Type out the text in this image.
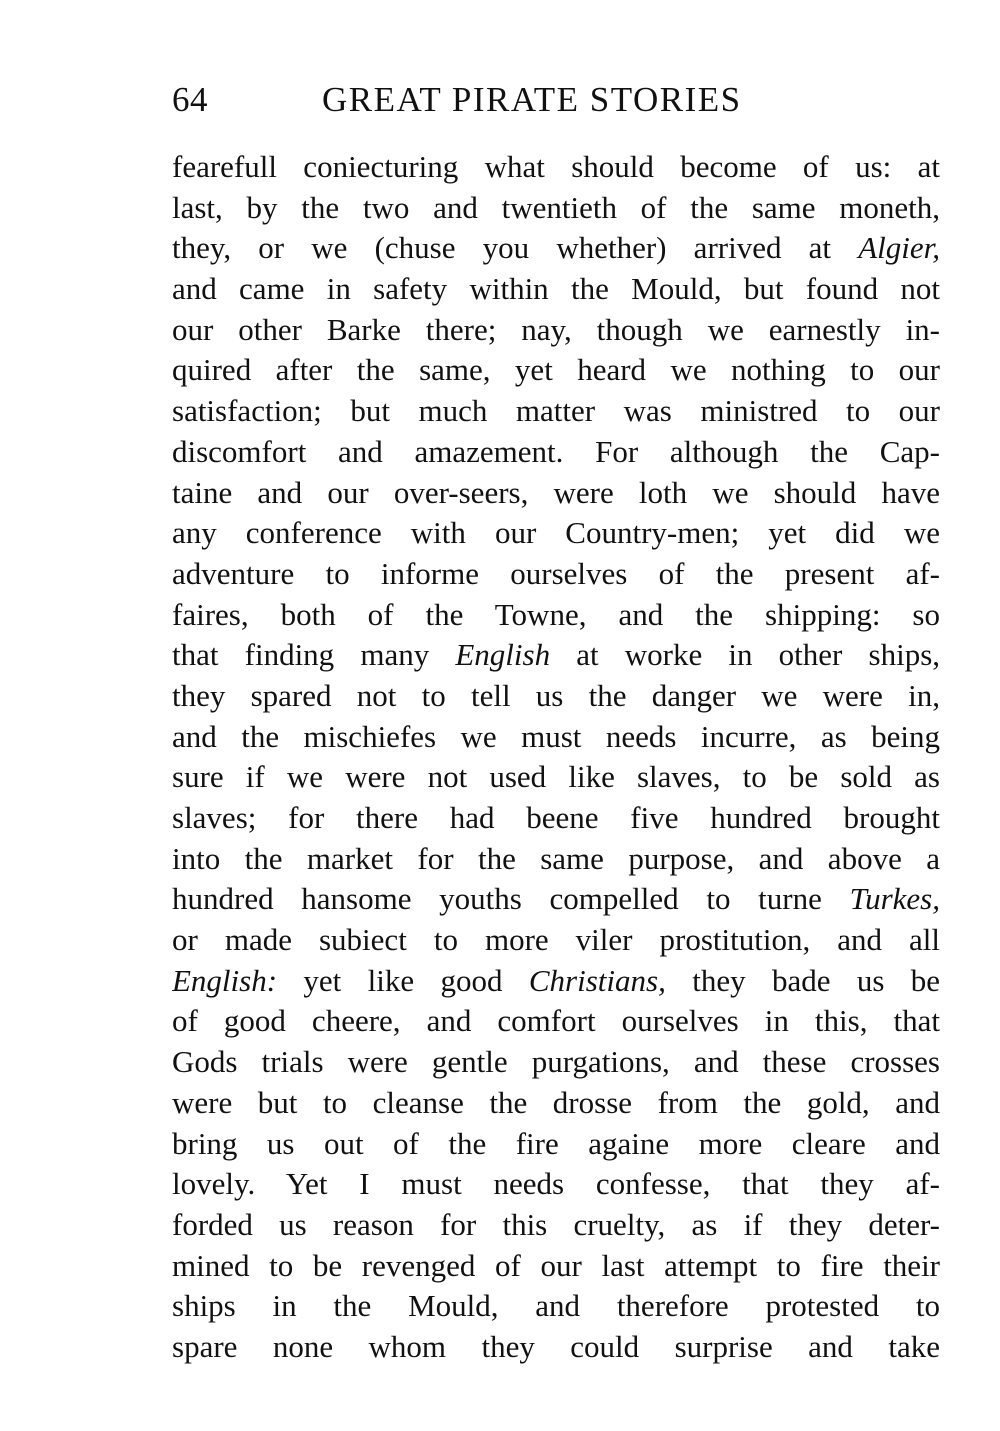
64	GREAT PIRATE STORIES
fearefull coniecturing what should become of us: at
last, by the two and twentieth of the same moneth,
they, or we (chuse you whether) arrived at Algier,
and came in safety within the Mould, but found not
our other Barke there; nay, though we earnestly in-
quired after the same, yet heard we nothing to our
satisfaction; but much matter was ministred to our
discomfort and amazement. For although the Cap-
taine and our over-seers, were loth we should have
any conference with our Country-men; yet did we
adventure to informe ourselves of the present af-
faires, both of the Towne, and the shipping: so
that finding many English at worke in other ships,
they spared not to tell us the danger we were in,
and the mischiefes we must needs incurre, as being
sure if we were not used like slaves, to be sold as
slaves; for there had beene five hundred brought
into the market for the same purpose, and above a
hundred hansome youths compelled to turne Turkes,
or made subiect to more viler prostitution, and all
English: yet like good Christians, they bade us be
of good cheere, and comfort ourselves in this, that
Gods trials were gentle purgations, and these crosses
were but to cleanse the drosse from the gold, and
bring us out of the fire againe more cleare and
lovely. Yet I must needs confesse, that they af-
forded us reason for this cruelty, as if they deter-
mined to be revenged of our last attempt to fire their
ships in the Mould, and therefore protested to
spare none whom they could surprise and take
